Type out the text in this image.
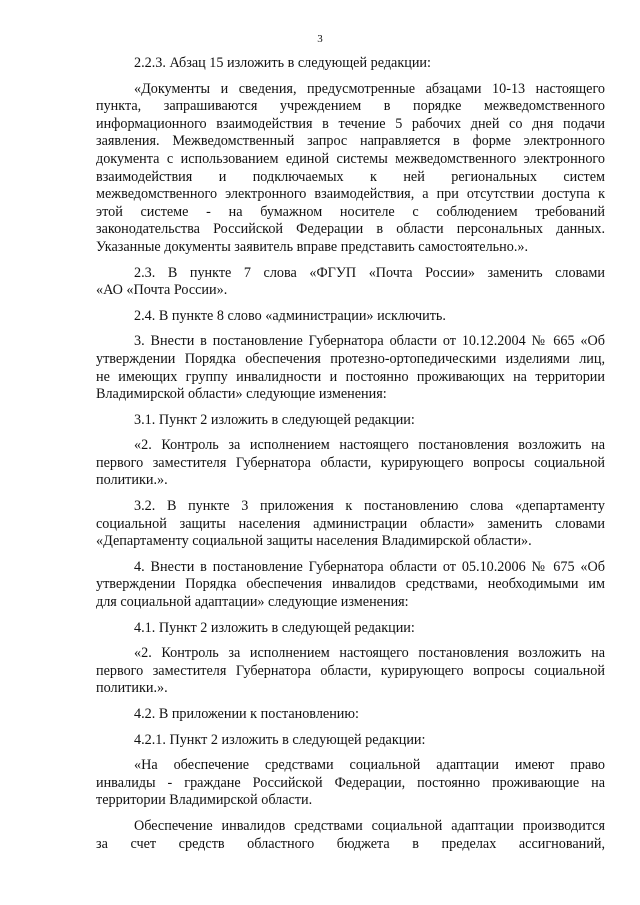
3
2.2.3. Абзац 15 изложить в следующей редакции:
«Документы и сведения, предусмотренные абзацами 10-13 настоящего
пункта, запрашиваются учреждением в порядке межведомственного
информационного взаимодействия в течение 5 рабочих дней со дня подачи
заявления. Межведомственный запрос направляется в форме электронного
документа с использованием единой системы межведомственного электронного
взаимодействия и подключаемых к ней региональных систем
межведомственного электронного взаимодействия, а при отсутствии доступа к
этой системе - на бумажном носителе с соблюдением требований
законодательства Российской Федерации в области персональных данных.
Указанные документы заявитель вправе представить самостоятельно.».
2.3. В пункте 7 слова «ФГУП «Почта России» заменить словами
«АО «Почта России».
2.4. В пункте 8 слово «администрации» исключить.
3. Внести в постановление Губернатора области от 10.12.2004 № 665 «Об
утверждении Порядка обеспечения протезно-ортопедическими изделиями лиц,
не имеющих группу инвалидности и постоянно проживающих на территории
Владимирской области» следующие изменения:
3.1. Пункт 2 изложить в следующей редакции:
«2. Контроль за исполнением настоящего постановления возложить на
первого заместителя Губернатора области, курирующего вопросы социальной
политики.».
3.2. В пункте 3 приложения к постановлению слова «департаменту
социальной защиты населения администрации области» заменить словами
«Департаменту социальной защиты населения Владимирской области».
4. Внести в постановление Губернатора области от 05.10.2006 № 675 «Об
утверждении Порядка обеспечения инвалидов средствами, необходимыми им
для социальной адаптации» следующие изменения:
4.1. Пункт 2 изложить в следующей редакции:
«2. Контроль за исполнением настоящего постановления возложить на
первого заместителя Губернатора области, курирующего вопросы социальной
политики.».
4.2. В приложении к постановлению:
4.2.1. Пункт 2 изложить в следующей редакции:
«На обеспечение средствами социальной адаптации имеют право
инвалиды - граждане Российской Федерации, постоянно проживающие на
территории Владимирской области.
Обеспечение инвалидов средствами социальной адаптации производится
за счет средств областного бюджета в пределах ассигнований,
